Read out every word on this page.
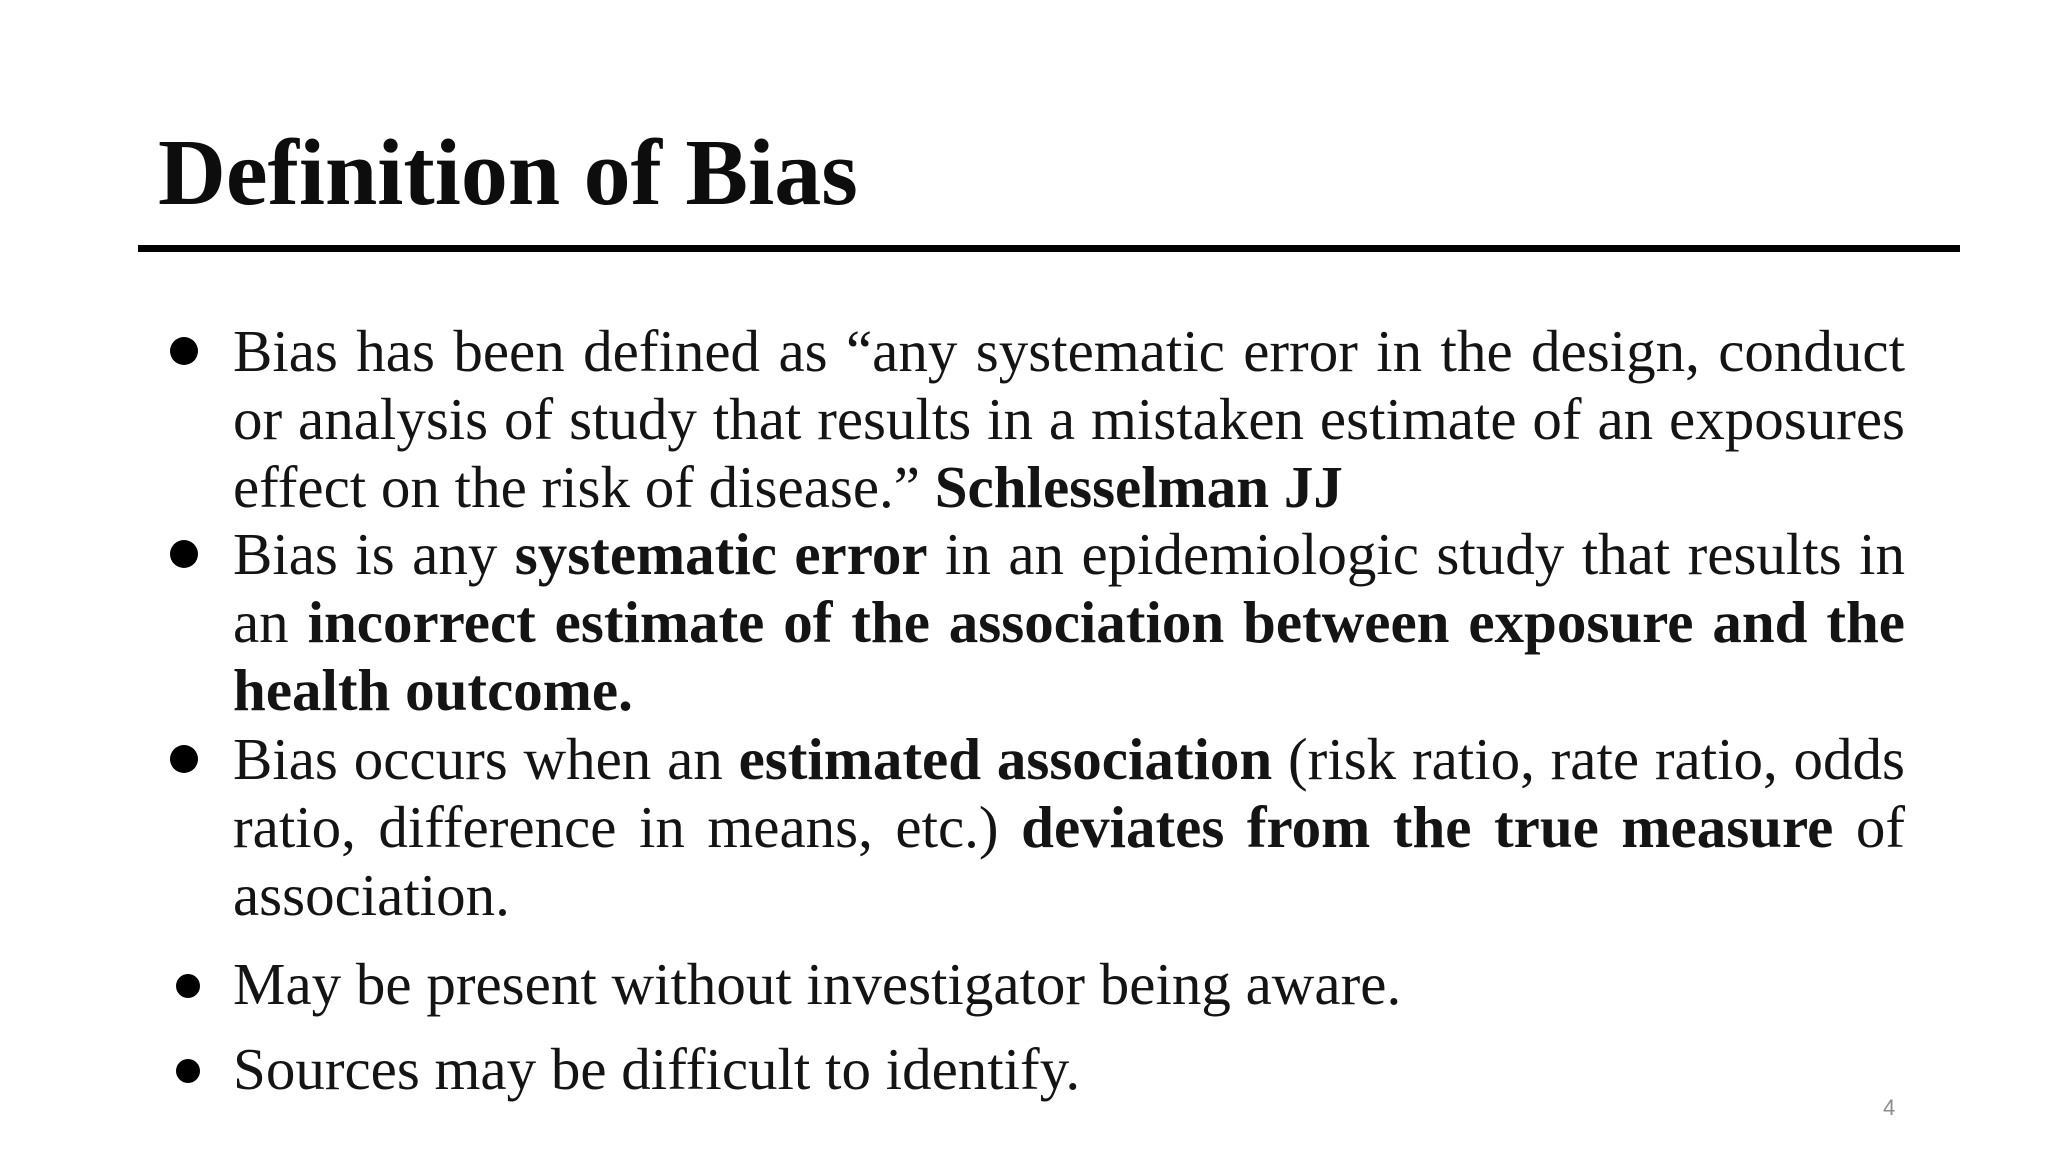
Definition of Bias
Bias has been defined as “any systematic error in the design, conduct or analysis of study that results in a mistaken estimate of an exposures effect on the risk of disease.” Schlesselman JJ
Bias is any systematic error in an epidemiologic study that results in an incorrect estimate of the association between exposure and the health outcome.
Bias occurs when an estimated association (risk ratio, rate ratio, odds ratio, difference in means, etc.) deviates from the true measure of association.
May be present without investigator being aware.
Sources may be difficult to identify.
4
